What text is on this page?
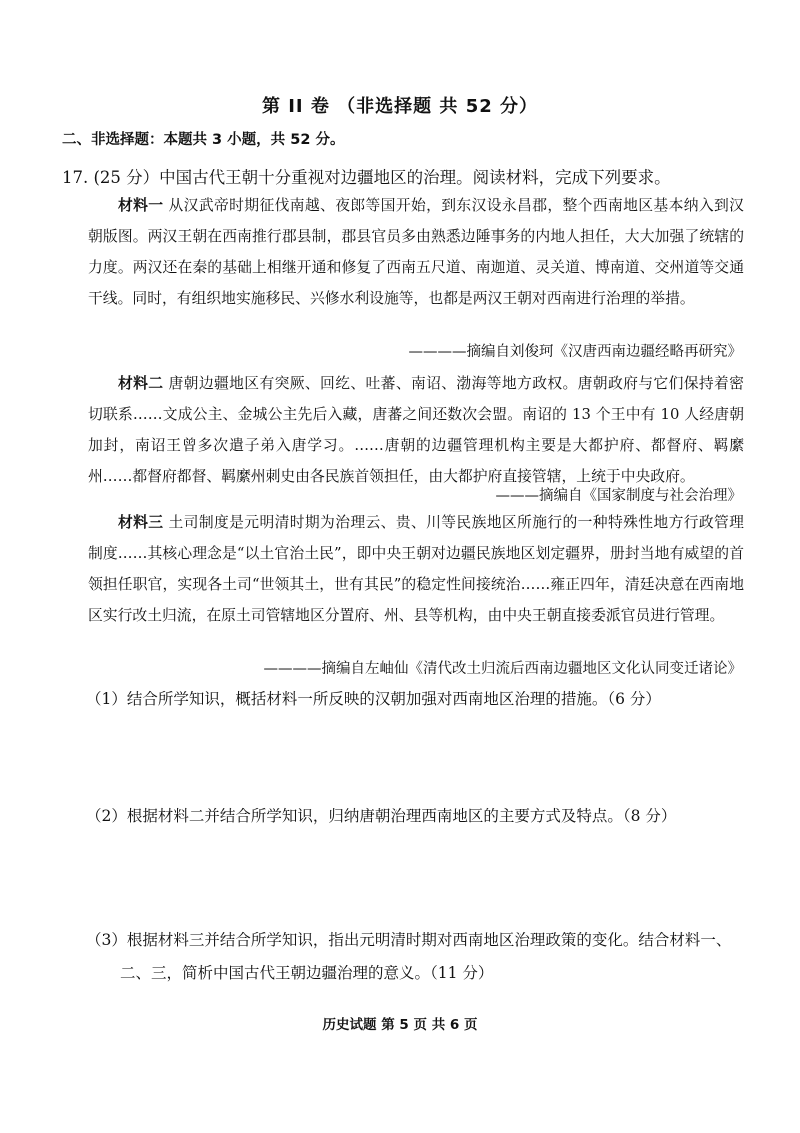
第 II 卷 （非选择题 共 52 分）
二、非选择题：本题共 3 小题，共 52 分。
17. (25 分）中国古代王朝十分重视对边疆地区的治理。阅读材料，完成下列要求。
材料一 从汉武帝时期征伐南越、夜郎等国开始，到东汉设永昌郡，整个西南地区基本纳入到汉朝版图。两汉王朝在西南推行郡县制，郡县官员多由熟悉边陲事务的内地人担任，大大加强了统辖的力度。两汉还在秦的基础上相继开通和修复了西南五尺道、南迦道、灵关道、博南道、交州道等交通干线。同时，有组织地实施移民、兴修水利设施等，也都是两汉王朝对西南进行治理的举措。
————摘编自刘俊珂《汉唐西南边疆经略再研究》
材料二 唐朝边疆地区有突厥、回纥、吐蕃、南诏、渤海等地方政权。唐朝政府与它们保持着密切联系……文成公主、金城公主先后入藏，唐蕃之间还数次会盟。南诏的 13 个王中有 10 人经唐朝加封，南诏王曾多次遣子弟入唐学习。……唐朝的边疆管理机构主要是大都护府、都督府、羁縻州……都督府都督、羁縻州刺史由各民族首领担任，由大都护府直接管辖，上统于中央政府。
———摘编自《国家制度与社会治理》
材料三 土司制度是元明清时期为治理云、贵、川等民族地区所施行的一种特殊性地方行政管理制度……其核心理念是“以土官治土民”，即中央王朝对边疆民族地区划定疆界，册封当地有威望的首领担任职官，实现各土司“世领其土，世有其民”的稳定性间接统治……雍正四年，清廷决意在西南地区实行改土归流，在原土司管辖地区分置府、州、县等机构，由中央王朝直接委派官员进行管理。
————摘编自左岫仙《清代改土归流后西南边疆地区文化认同变迁诸论》
（1）结合所学知识，概括材料一所反映的汉朝加强对西南地区治理的措施。（6 分）
（2）根据材料二并结合所学知识，归纳唐朝治理西南地区的主要方式及特点。（8 分）
（3）根据材料三并结合所学知识，指出元明清时期对西南地区治理政策的变化。结合材料一、
二、三，简析中国古代王朝边疆治理的意义。（11 分）
历史试题 第 5 页 共 6 页
